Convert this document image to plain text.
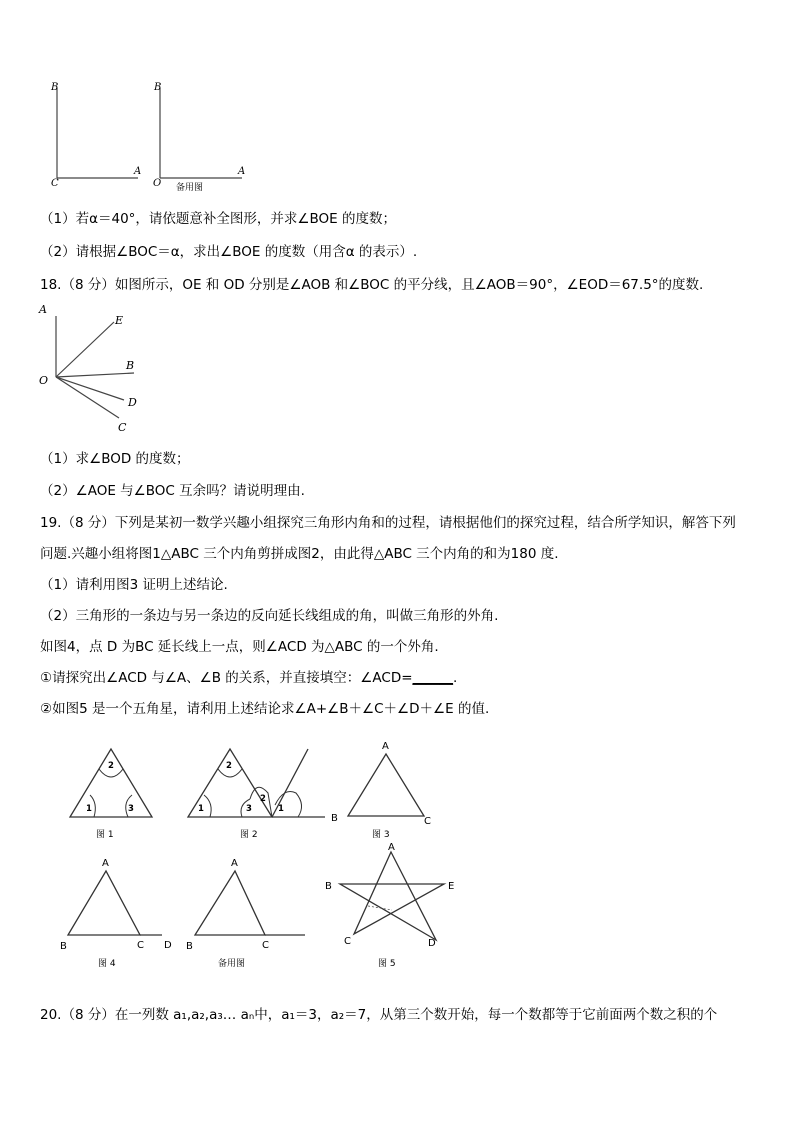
B
C
A
B
O
A
备用图
（1）若α＝40°，请依题意补全图形，并求∠BOE 的度数；
（2）请根据∠BOC＝α，求出∠BOE 的度数（用含α 的表示）.
18.（8 分）如图所示，OE 和 OD 分别是∠AOB 和∠BOC 的平分线，且∠AOB＝90°，∠EOD＝67.5°的度数.
A
E
B
O
D
C
（1）求∠BOD 的度数；
（2）∠AOE 与∠BOC 互余吗？请说明理由.
19.（8 分）下列是某初一数学兴趣小组探究三角形内角和的过程，请根据他们的探究过程，结合所学知识，解答下列
问题.兴趣小组将图1△ABC 三个内角剪拼成图2，由此得△ABC 三个内角的和为180 度.
（1）请利用图3 证明上述结论.
（2）三角形的一条边与另一条边的反向延长线组成的角，叫做三角形的外角.
如图4，点 D 为BC 延长线上一点，则∠ACD 为△ABC 的一个外角.
①请探究出∠ACD 与∠A、∠B 的关系，并直接填空：∠ACD=______.
②如图5 是一个五角星，请利用上述结论求∠A+∠B＋∠C＋∠D＋∠E 的值.
1
2
3
图 1
1
2
3
2
1
图 2
A
B	C
图 3
A
B	C D
图 4
A
B	C
备用图
A
B	E
C	D
图 5
20.（8 分）在一列数 a₁,a₂,a₃… aₙ中，a₁＝3，a₂＝7，从第三个数开始，每一个数都等于它前面两个数之积的个
